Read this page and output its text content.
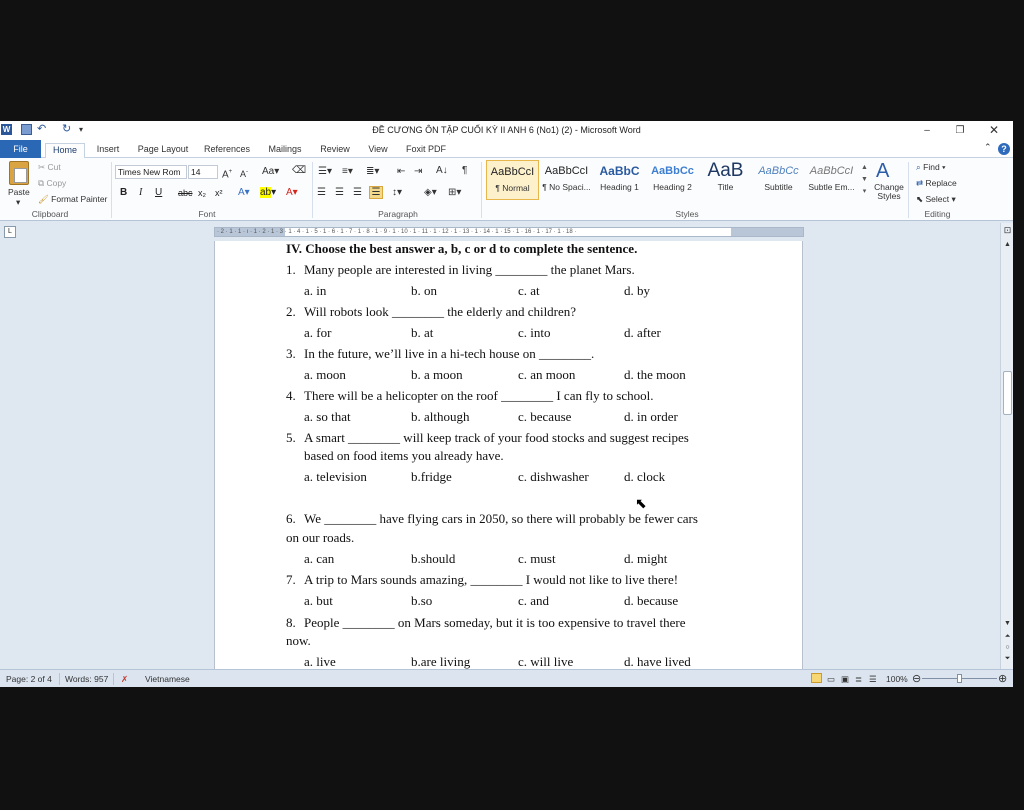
W ↶ ↻ ▾	ĐỀ CƯƠNG ÔN TẬP CUỐI KỲ II ANH 6 (No1) (2) - Microsoft Word	–	❐	✕
File	Home	Insert	Page Layout	References Mailings Review View Foxit PDF	⌃	?
Paste
▾
✂ Cut
⧉ Copy
🖌 Format Painter
Clipboard
Times New Rom	14	A+ A- Aa▾ ⌫
B I U abc x₂ x² A▾ ab▾ A▾
Font
☰▾ ≡▾ ≣▾ ⇤ ⇥ A↓ ¶
☰ ☰ ☰ ☰ ↕▾ ◈▾ ⊞▾
Paragraph
AaBbCcI
¶ Normal
AaBbCcI
¶ No Spaci...
AaBbC
Heading 1
AaBbCc
Heading 2
AaB
Title
AaBbCc
Subtitle
AaBbCcI
Subtle Em...
▲
▼
▾
A
Change Styles
Styles
⌕ Find ▾
⇄ Replace
⬉ Select ▾
Editing
L	· 2 · 1 · 1 · ı · 1 · 2 · 1 · 3 · 1 · 4 · 1 · 5 · 1 · 6 · 1 · 7 · 1 · 8 · 1 · 9 · 1 · 10 · 1 · 11 · 1 · 12 · 1 · 13 · 1 · 14 · 1 · 15 · 1 · 16 · 1 · 17 · 1 · 18 ·
IV. Choose the best answer a, b, c or d to complete the sentence.
1. Many people are interested in living ________ the planet Mars.
a. in	b. on	c. at	d. by
2. Will robots look ________ the elderly and children?
a. for	b. at	c. into	d. after
3. In the future, we’ll live in a hi-tech house on ________.
a. moon	b. a moon	c. an moon	d. the moon
4. There will be a helicopter on the roof ________ I can fly to school.
a. so that	b. although	c. because	d. in order
5. A smart ________ will keep track of your food stocks and suggest recipes
based on food items you already have.
a. television	b.fridge	c. dishwasher	d. clock
6. We ________ have flying cars in 2050, so there will probably be fewer cars
on our roads.
a. can	b.should	c. must	d. might
7. A trip to Mars sounds amazing, ________ I would not like to live there!
a. but	b.so	c. and	d. because
8. People ________ on Mars someday, but it is too expensive to travel there
now.
a. live	b.are living	c. will live	d. have lived
⬉
⊡
▲
▼
⏶
○
⏷
Page: 2 of 4 Words: 957 ✗ Vietnamese	▭ ▣ ≣ ☰ 100% ⊖	⊕
